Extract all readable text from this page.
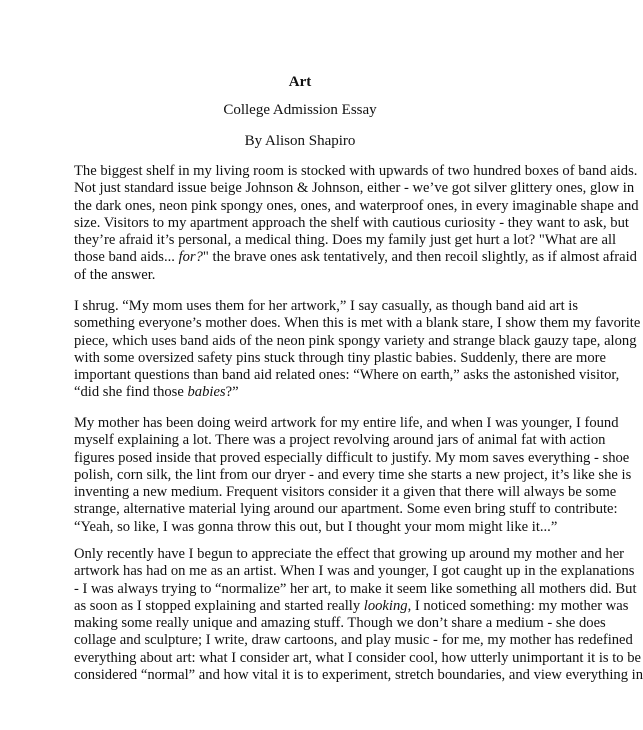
Art
College Admission Essay
By Alison Shapiro
The biggest shelf in my living room is stocked with upwards of two hundred boxes of band aids.
Not just standard issue beige Johnson & Johnson, either - we’ve got silver glittery ones, glow in
the dark ones, neon pink spongy ones, ones, and waterproof ones, in every imaginable shape and
size. Visitors to my apartment approach the shelf with cautious curiosity - they want to ask, but
they’re afraid it’s personal, a medical thing. Does my family just get hurt a lot? "What are all
those band aids... for?" the brave ones ask tentatively, and then recoil slightly, as if almost afraid
of the answer.
I shrug. “My mom uses them for her artwork,” I say casually, as though band aid art is
something everyone’s mother does. When this is met with a blank stare, I show them my favorite
piece, which uses band aids of the neon pink spongy variety and strange black gauzy tape, along
with some oversized safety pins stuck through tiny plastic babies. Suddenly, there are more
important questions than band aid related ones: “Where on earth,” asks the astonished visitor,
“did she find those babies?”
My mother has been doing weird artwork for my entire life, and when I was younger, I found
myself explaining a lot. There was a project revolving around jars of animal fat with action
figures posed inside that proved especially difficult to justify. My mom saves everything - shoe
polish, corn silk, the lint from our dryer - and every time she starts a new project, it’s like she is
inventing a new medium. Frequent visitors consider it a given that there will always be some
strange, alternative material lying around our apartment. Some even bring stuff to contribute:
“Yeah, so like, I was gonna throw this out, but I thought your mom might like it...”
Only recently have I begun to appreciate the effect that growing up around my mother and her
artwork has had on me as an artist. When I was and younger, I got caught up in the explanations
- I was always trying to “normalize” her art, to make it seem like something all mothers did. But
as soon as I stopped explaining and started really looking, I noticed something: my mother was
making some really unique and amazing stuff. Though we don’t share a medium - she does
collage and sculpture; I write, draw cartoons, and play music - for me, my mother has redefined
everything about art: what I consider art, what I consider cool, how utterly unimportant it is to be
considered “normal” and how vital it is to experiment, stretch boundaries, and view everything in
